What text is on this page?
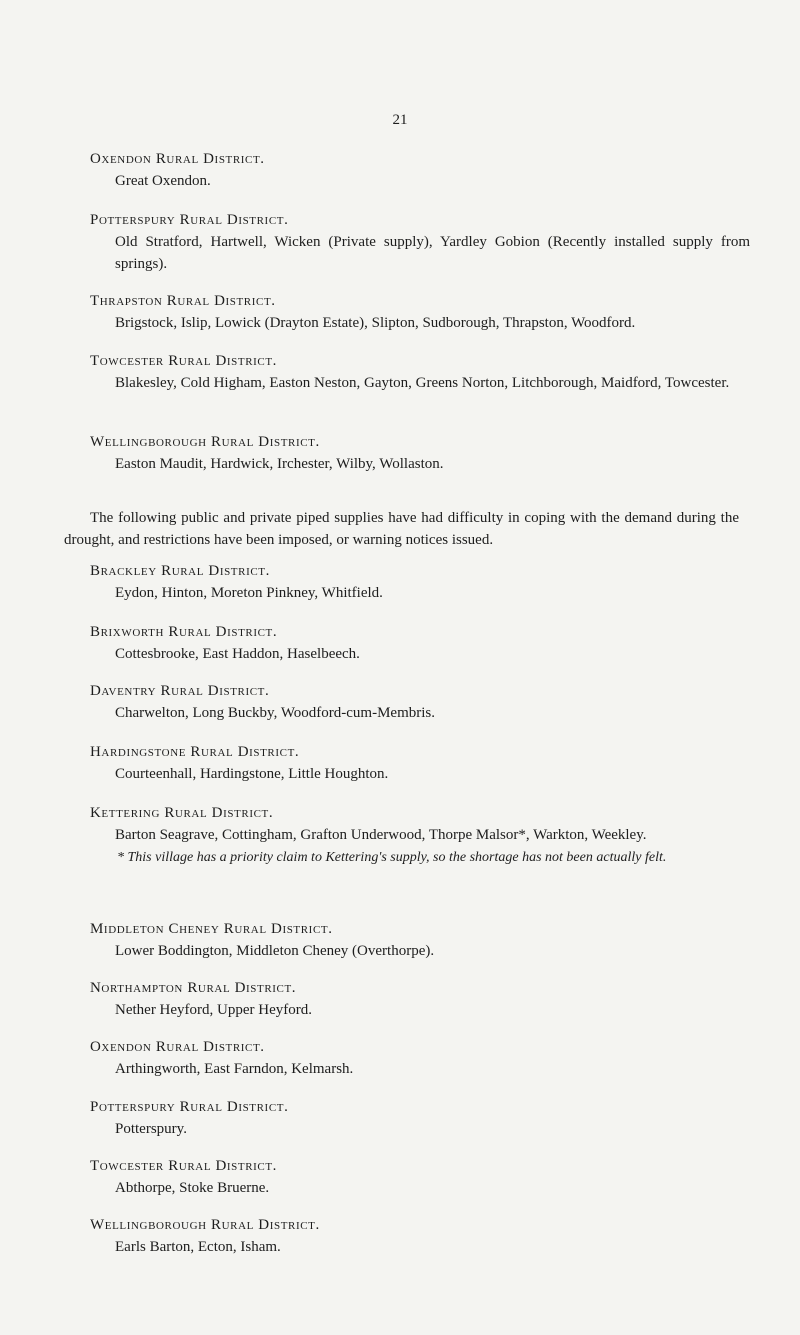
21

Oxendon Rural District.

Great Oxendon.

Potterspury Rural District.

Old Stratford, Hartwell, Wicken (Private supply), Yardley Gobion (Recently installed supply from springs).

Thrapston Rural District.

Brigstock, Islip, Lowick (Drayton Estate), Slipton, Sudborough, Thrapston, Woodford.

Towcester Rural District.

Blakesley, Cold Higham, Easton Neston, Gayton, Greens Norton, Litchborough, Maidford, Towcester.

Wellingborough Rural District.

Easton Maudit, Hardwick, Irchester, Wilby, Wollaston.

The following public and private piped supplies have had difficulty in coping with the demand during the drought, and restrictions have been imposed, or warning notices issued.

Brackley Rural District.

Eydon, Hinton, Moreton Pinkney, Whitfield.

Brixworth Rural District.

Cottesbrooke, East Haddon, Haselbeech.

Daventry Rural District.

Charwelton, Long Buckby, Woodford-cum-Membris.

Hardingstone Rural District.

Courteenhall, Hardingstone, Little Houghton.

Kettering Rural District.

Barton Seagrave, Cottingham, Grafton Underwood, Thorpe Malsor*, Warkton, Weekley.

* This village has a priority claim to Kettering's supply, so the shortage has not been actually felt.

Middleton Cheney Rural District.

Lower Boddington, Middleton Cheney (Overthorpe).

Northampton Rural District.

Nether Heyford, Upper Heyford.

Oxendon Rural District.

Arthingworth, East Farndon, Kelmarsh.

Potterspury Rural District.

Potterspury.

Towcester Rural District.

Abthorpe, Stoke Bruerne.

Wellingborough Rural District.

Earls Barton, Ecton, Isham.
